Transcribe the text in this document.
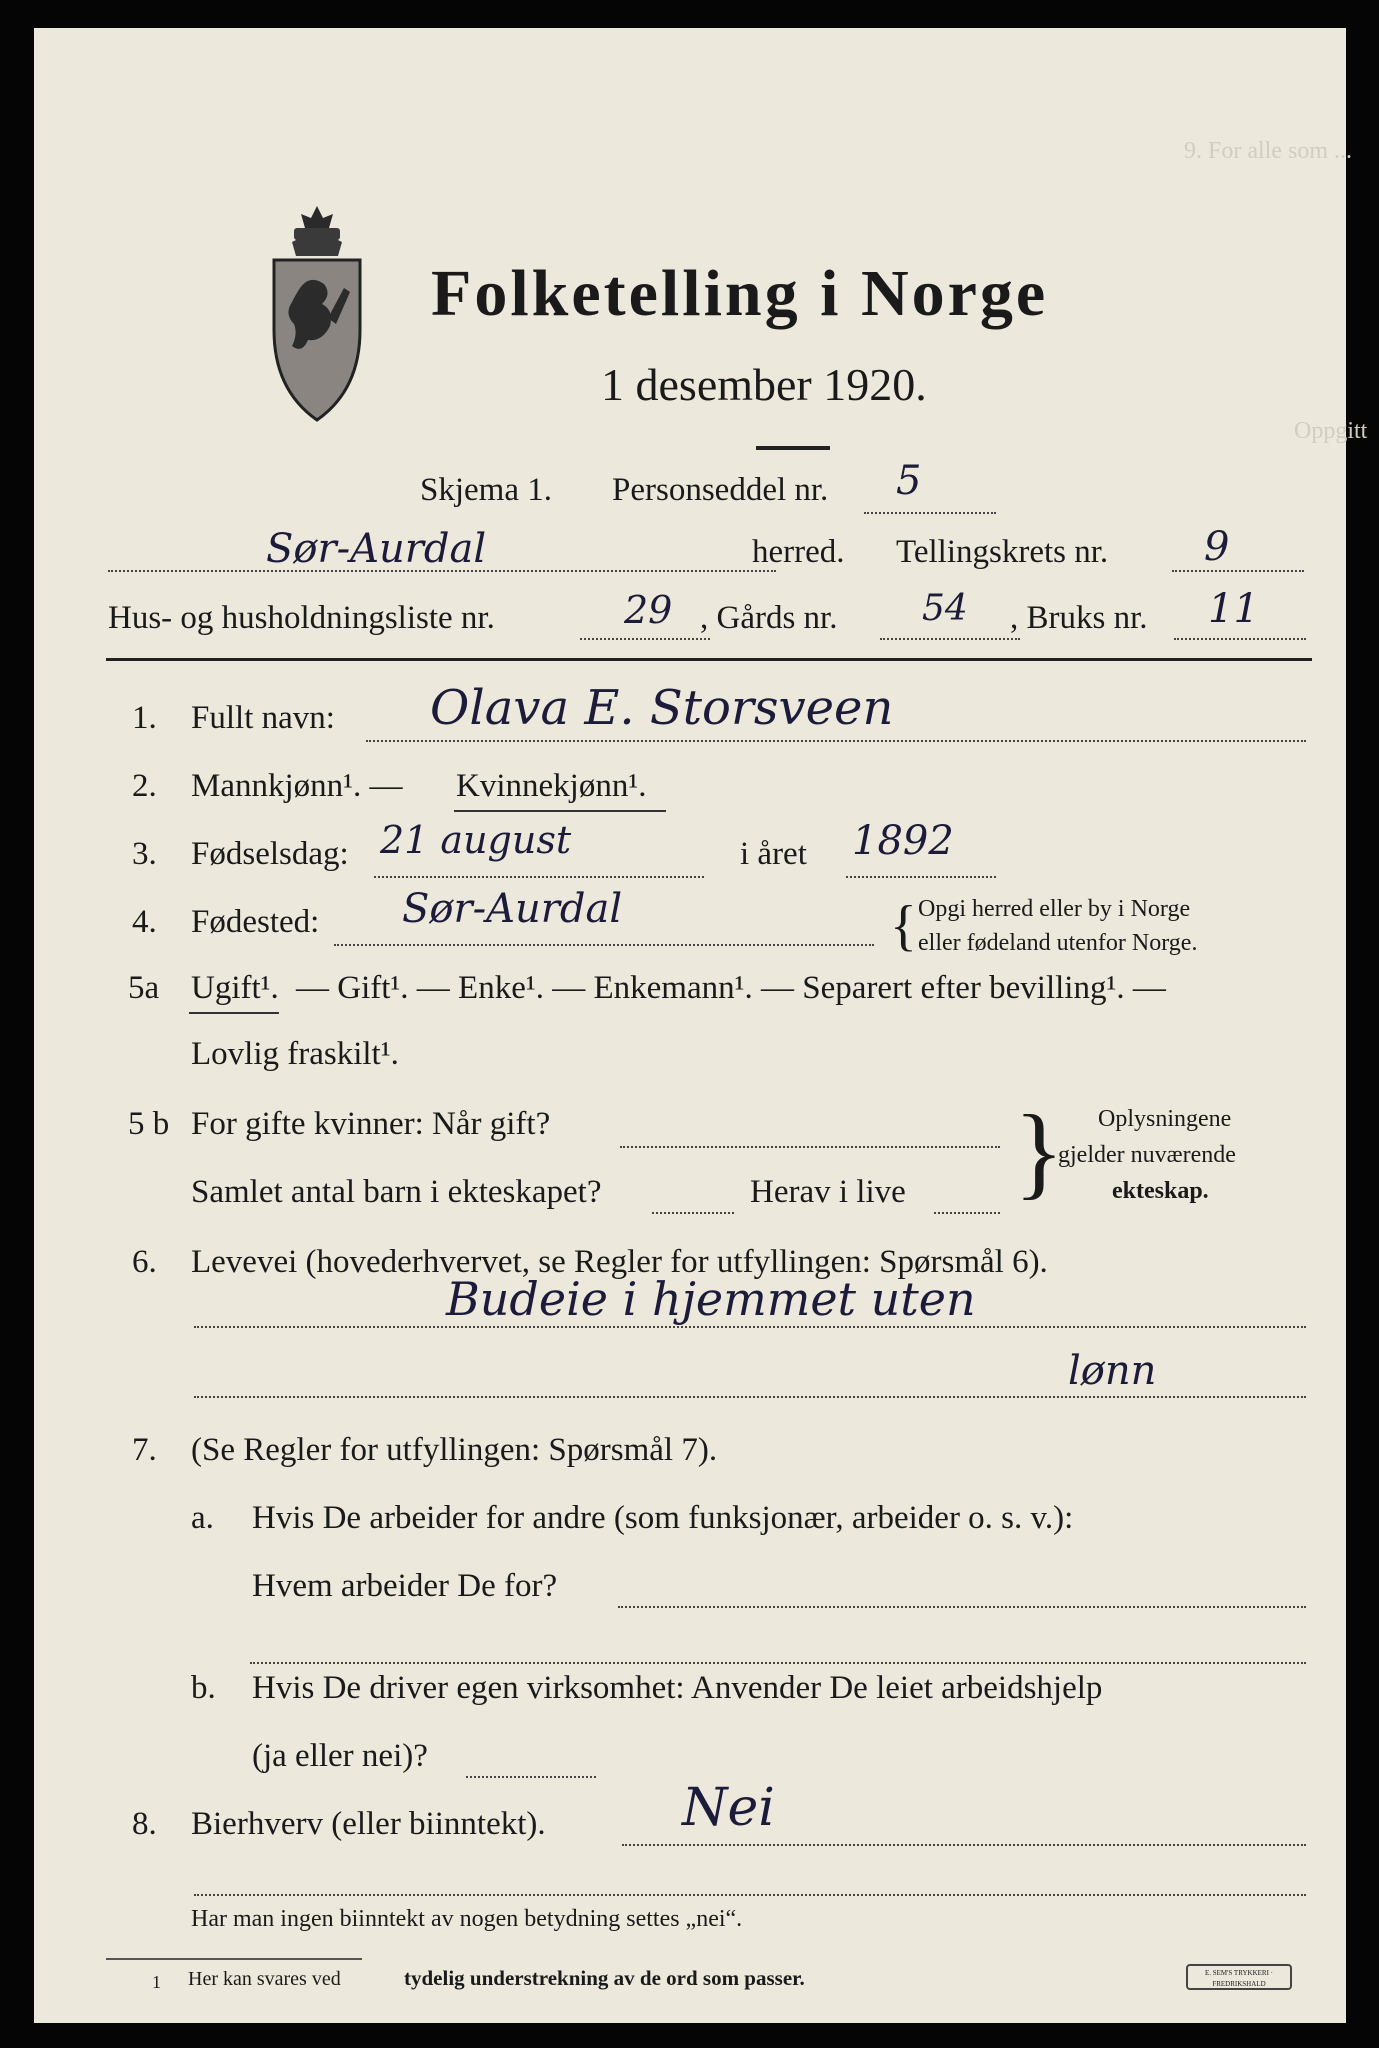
9. For alle som ...
Oppgitt
Folketelling i Norge
1 desember 1920.
Skjema 1. Personseddel nr. 5
Sør-Aurdal	herred. Tellingskrets nr. 9
Hus- og husholdningsliste nr.	29 , Gårds nr. 54 , Bruks nr. 11
1. Fullt navn: Olava E. Storsveen
2. Mannkjønn¹. — Kvinnekjønn¹.
3. Fødselsdag: 21 august	i året 1892
4. Fødested: Sør-Aurdal	{ Opgi herred eller by i Norge
eller fødeland utenfor Norge.
5a Ugift¹. — Gift¹. — Enke¹. — Enkemann¹. — Separert efter bevilling¹. —
Lovlig fraskilt¹.
5 b For gifte kvinner: Når gift?
Samlet antal barn i ekteskapet?	Herav i live } Oplysningene
gjelder nuværende
ekteskap.
6. Levevei (hovederhvervet, se Regler for utfyllingen: Spørsmål 6).
Budeie i hjemmet uten
lønn
7. (Se Regler for utfyllingen: Spørsmål 7).
a. Hvis De arbeider for andre (som funksjonær, arbeider o. s. v.):
Hvem arbeider De for?
b. Hvis De driver egen virksomhet: Anvender De leiet arbeidshjelp
(ja eller nei)?
8. Bierhverv (eller biinntekt).	Nei
Har man ingen biinntekt av nogen betydning settes „nei“.
1 Her kan svares ved	tydelig understrekning av de ord som passer.	E. SEM'S TRYKKERI · FREDRIKSHALD
